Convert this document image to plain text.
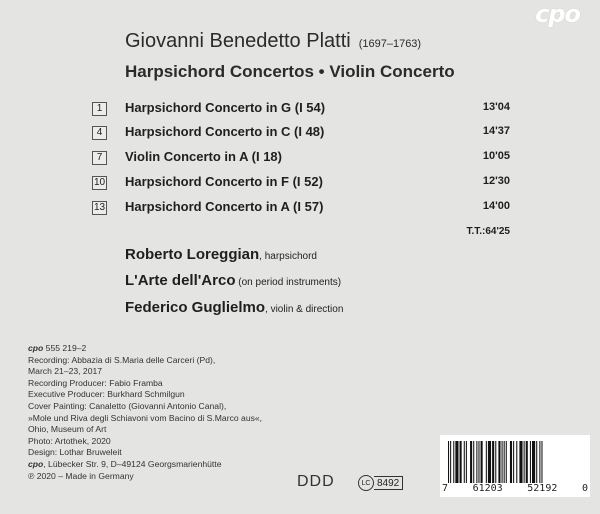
cpo
Giovanni Benedetto Platti (1697–1763)
Harpsichord Concertos • Violin Concerto
1	Harpsichord Concerto in G (I 54)	13'04
4	Harpsichord Concerto in C (I 48)	14'37
7	Violin Concerto in A (I 18)	10'05
10 Harpsichord Concerto in F (I 52)	12'30
13 Harpsichord Concerto in A (I 57)	14'00
T.T.:64'25
Roberto Loreggian, harpsichord
L'Arte dell'Arco (on period instruments)
Federico Guglielmo, violin & direction
cpo 555 219–2
Recording: Abbazia di S.Maria delle Carceri (Pd),
March 21–23, 2017
Recording Producer: Fabio Framba
Executive Producer: Burkhard Schmilgun
Cover Painting: Canaletto (Giovanni Antonio Canal),
»Mole und Riva degli Schiavoni vom Bacino di S.Marco aus«,
Ohio, Museum of Art
Photo: Artothek, 2020
Design: Lothar Bruweleit
cpo, Lübecker Str. 9, D–49124 Georgsmarienhütte
℗ 2020 – Made in Germany	DDD	LC 8492	7 61203 52192 0
